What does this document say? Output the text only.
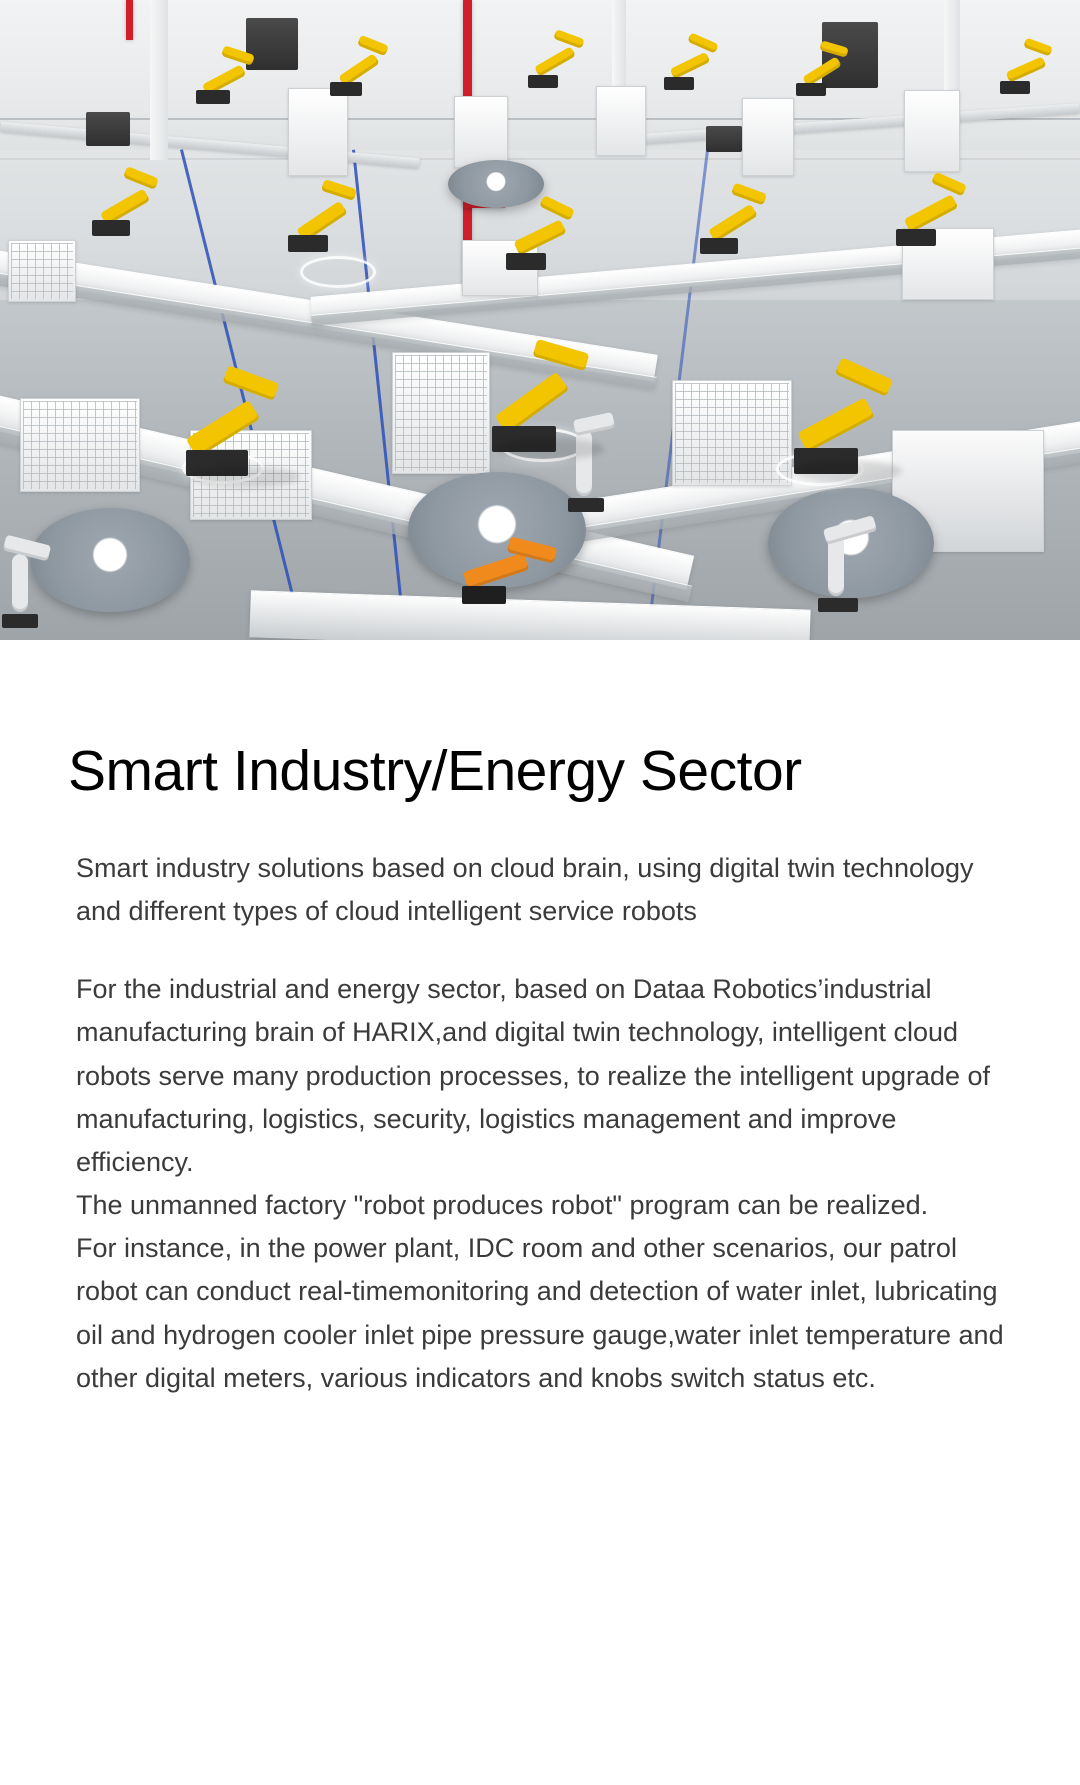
Smart Industry/Energy Sector

Smart industry solutions based on cloud brain, using digital twin technology and different types of cloud intelligent service robots

For the industrial and energy sector, based on Dataa Robotics’industrial manufacturing brain of HARIX,and digital twin technology, intelligent cloud robots serve many production processes, to realize the intelligent upgrade of manufacturing, logistics, security, logistics management and improve efficiency.

The unmanned factory "robot produces robot" program can be realized.

For instance, in the power plant, IDC room and other scenarios, our patrol robot can conduct real-timemonitoring and detection of water inlet, lubricating oil and hydrogen cooler inlet pipe pressure gauge,water inlet temperature and other digital meters, various indicators and knobs switch status etc.
